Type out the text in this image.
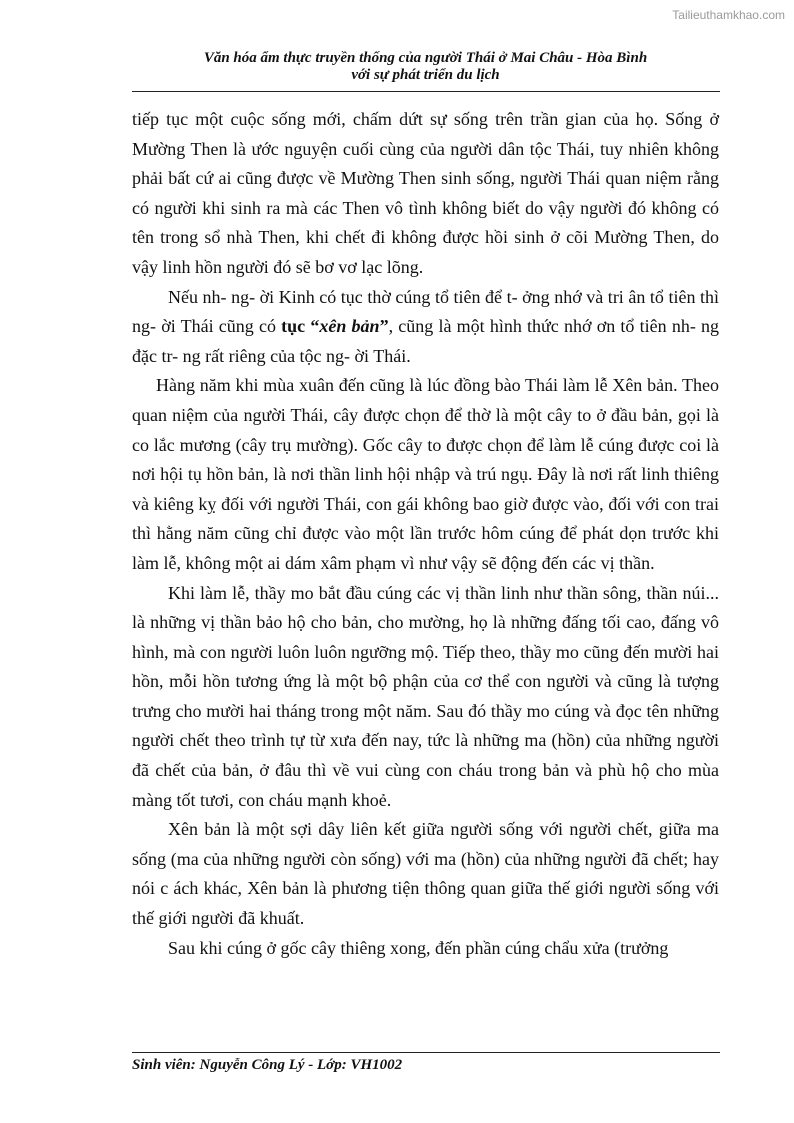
Tailieuthamkhao.com
Văn hóa ẩm thực truyền thống của người Thái ở Mai Châu - Hòa Bình
với sự phát triển du lịch

tiếp tục một cuộc sống mới, chấm dứt sự sống trên trần gian của họ. Sống ở Mường Then là ước nguyện cuối cùng của người dân tộc Thái, tuy nhiên không phải bất cứ ai cũng được về Mường Then sinh sống, người Thái quan niệm rằng có người khi sinh ra mà các Then vô tình không biết do vậy người đó không có tên trong sổ nhà Then, khi chết đi không được hồi sinh ở cõi Mường Then, do vậy linh hồn người đó sẽ bơ vơ lạc lõng.

Nếu nh- ng- ời Kinh có tục thờ cúng tổ tiên để t- ởng nhớ và tri ân tổ tiên thì ng- ời Thái cũng có tục “xên bản”, cũng là một hình thức nhớ ơn tổ tiên nh- ng đặc tr- ng rất riêng của tộc ng- ời Thái.

Hàng năm khi mùa xuân đến cũng là lúc đồng bào Thái làm lễ Xên bản. Theo quan niệm của người Thái, cây được chọn để thờ là một cây to ở đầu bản, gọi là co lắc mương (cây trụ mường). Gốc cây to được chọn để làm lễ cúng được coi là nơi hội tụ hồn bản, là nơi thần linh hội nhập và trú ngụ. Đây là nơi rất linh thiêng và kiêng kỵ đối với người Thái, con gái không bao giờ được vào, đối với con trai thì hằng năm cũng chỉ được vào một lần trước hôm cúng để phát dọn trước khi làm lễ, không một ai dám xâm phạm vì như vậy sẽ động đến các vị thần.

Khi làm lễ, thầy mo bắt đầu cúng các vị thần linh như thần sông, thần núi... là những vị thần bảo hộ cho bản, cho mường, họ là những đấng tối cao, đấng vô hình, mà con người luôn luôn ngưỡng mộ. Tiếp theo, thầy mo cũng đến mười hai hồn, mỗi hồn tương ứng là một bộ phận của cơ thể con người và cũng là tượng trưng cho mười hai tháng trong một năm. Sau đó thầy mo cúng và đọc tên những người chết theo trình tự từ xưa đến nay, tức là những ma (hồn) của những người đã chết của bản, ở đâu thì về vui cùng con cháu trong bản và phù hộ cho mùa màng tốt tươi, con cháu mạnh khoẻ.

Xên bản là một sợi dây liên kết giữa người sống với người chết, giữa ma sống (ma của những người còn sống) với ma (hồn) của những người đã chết; hay nói c ách khác, Xên bản là phương tiện thông quan giữa thế giới người sống với thế giới người đã khuất.

Sau khi cúng ở gốc cây thiêng xong, đến phần cúng chẩu xửa (trưởng

Sinh viên: Nguyễn Công Lý - Lớp: VH1002
